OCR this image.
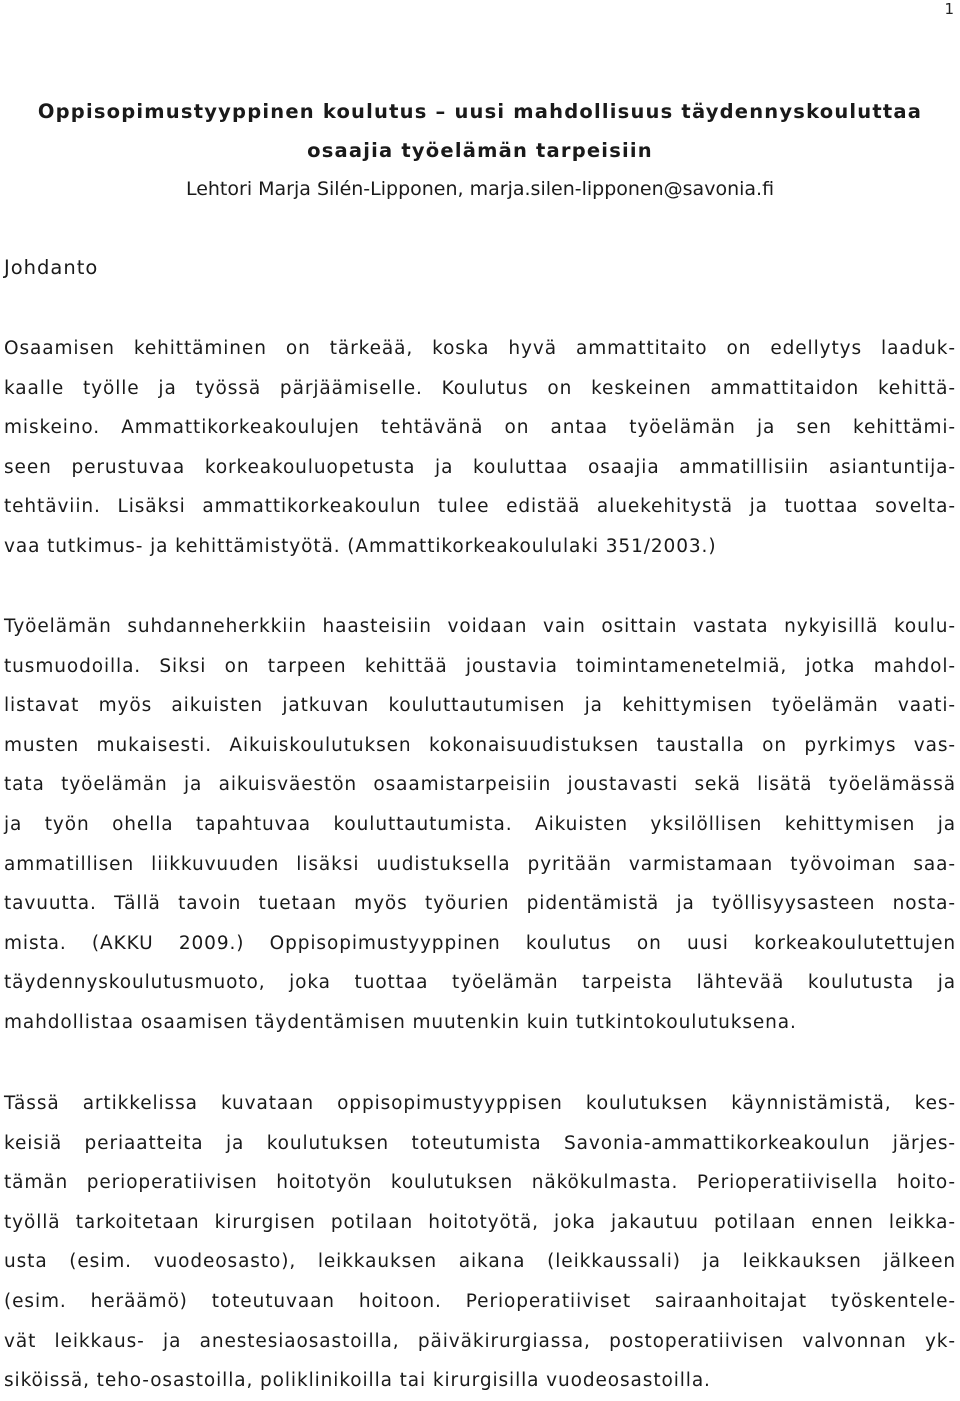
1
Oppisopimustyyppinen koulutus – uusi mahdollisuus täydennyskouluttaa
osaajia työelämän tarpeisiin
Lehtori Marja Silén-Lipponen, marja.silen-lipponen@savonia.fi
Johdanto
Osaamisen kehittäminen on tärkeää, koska hyvä ammattitaito on edellytys laaduk-
kaalle työlle ja työssä pärjäämiselle. Koulutus on keskeinen ammattitaidon kehittä-
miskeino. Ammattikorkeakoulujen tehtävänä on antaa työelämän ja sen kehittämi-
seen perustuvaa korkeakouluopetusta ja kouluttaa osaajia ammatillisiin asiantuntija-
tehtäviin. Lisäksi ammattikorkeakoulun tulee edistää aluekehitystä ja tuottaa sovelta-
vaa tutkimus- ja kehittämistyötä. (Ammattikorkeakoululaki 351/2003.)
Työelämän suhdanneherkkiin haasteisiin voidaan vain osittain vastata nykyisillä koulu-
tusmuodoilla. Siksi on tarpeen kehittää joustavia toimintamenetelmiä, jotka mahdol-
listavat myös aikuisten jatkuvan kouluttautumisen ja kehittymisen työelämän vaati-
musten mukaisesti. Aikuiskoulutuksen kokonaisuudistuksen taustalla on pyrkimys vas-
tata työelämän ja aikuisväestön osaamistarpeisiin joustavasti sekä lisätä työelämässä
ja työn ohella tapahtuvaa kouluttautumista. Aikuisten yksilöllisen kehittymisen ja
ammatillisen liikkuvuuden lisäksi uudistuksella pyritään varmistamaan työvoiman saa-
tavuutta. Tällä tavoin tuetaan myös työurien pidentämistä ja työllisyysasteen nosta-
mista. (AKKU 2009.) Oppisopimustyyppinen koulutus on uusi korkeakoulutettujen
täydennyskoulutusmuoto, joka tuottaa työelämän tarpeista lähtevää koulutusta ja
mahdollistaa osaamisen täydentämisen muutenkin kuin tutkintokoulutuksena.
Tässä artikkelissa kuvataan oppisopimustyyppisen koulutuksen käynnistämistä, kes-
keisiä periaatteita ja koulutuksen toteutumista Savonia-ammattikorkeakoulun järjes-
tämän perioperatiivisen hoitotyön koulutuksen näkökulmasta. Perioperatiivisella hoito-
työllä tarkoitetaan kirurgisen potilaan hoitotyötä, joka jakautuu potilaan ennen leikka-
usta (esim. vuodeosasto), leikkauksen aikana (leikkaussali) ja leikkauksen jälkeen
(esim. heräämö) toteutuvaan hoitoon. Perioperatiiviset sairaanhoitajat työskentele-
vät leikkaus- ja anestesiaosastoilla, päiväkirurgiassa, postoperatiivisen valvonnan yk-
siköissä, teho-osastoilla, poliklinikoilla tai kirurgisilla vuodeosastoilla.
